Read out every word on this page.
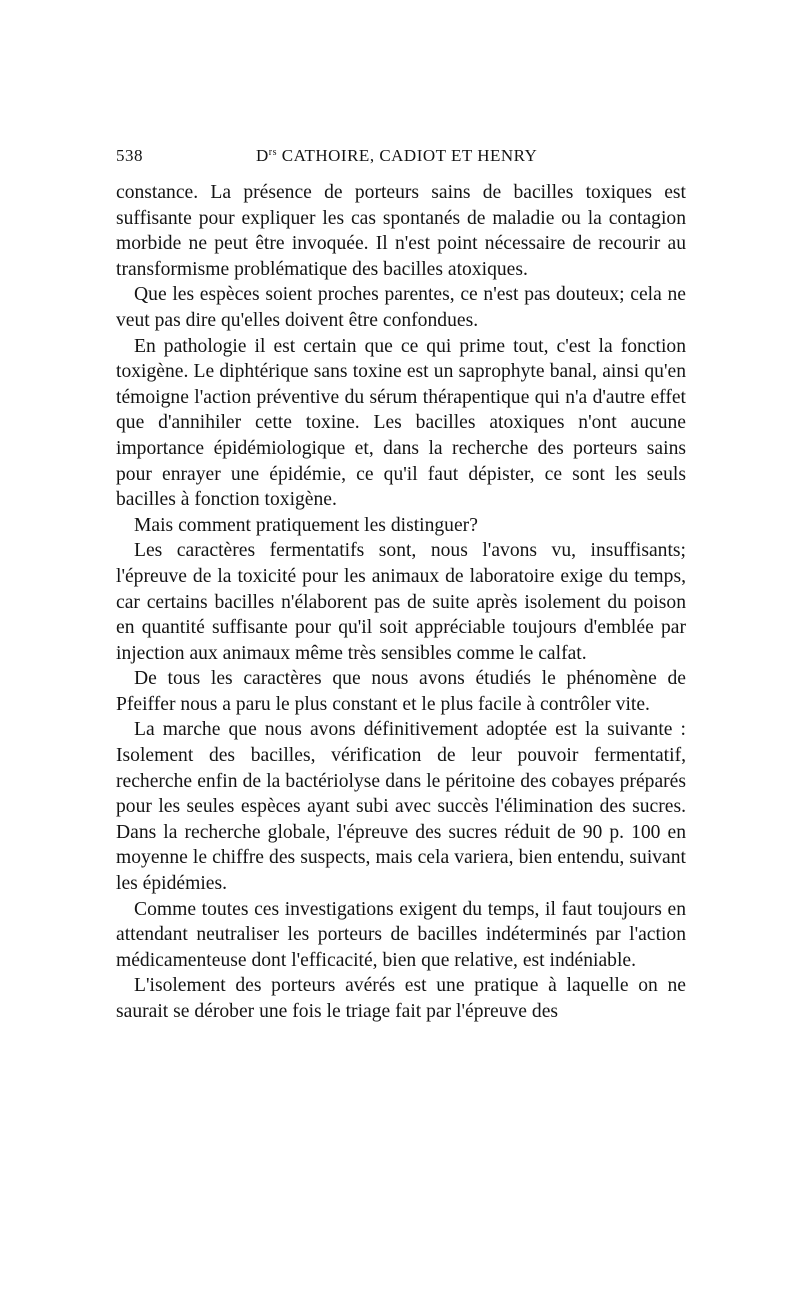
538	$D^{rs}$ CATHOIRE, CADIOT ET HENRY

constance. La présence de porteurs sains de bacilles toxiques est suffisante pour expliquer les cas spontanés de maladie ou la contagion morbide ne peut être invoquée. Il n'est point nécessaire de recourir au transformisme problématique des bacilles atoxiques.

Que les espèces soient proches parentes, ce n'est pas douteux; cela ne veut pas dire qu'elles doivent être confondues.

En pathologie il est certain que ce qui prime tout, c'est la fonction toxigène. Le diphtérique sans toxine est un saprophyte banal, ainsi qu'en témoigne l'action préventive du sérum thérapentique qui n'a d'autre effet que d'annihiler cette toxine. Les bacilles atoxiques n'ont aucune importance épidémiologique et, dans la recherche des porteurs sains pour enrayer une épidémie, ce qu'il faut dépister, ce sont les seuls bacilles à fonction toxigène.

Mais comment pratiquement les distinguer?

Les caractères fermentatifs sont, nous l'avons vu, insuffisants; l'épreuve de la toxicité pour les animaux de laboratoire exige du temps, car certains bacilles n'élaborent pas de suite après isolement du poison en quantité suffisante pour qu'il soit appréciable toujours d'emblée par injection aux animaux même très sensibles comme le calfat.

De tous les caractères que nous avons étudiés le phénomène de Pfeiffer nous a paru le plus constant et le plus facile à contrôler vite.

La marche que nous avons définitivement adoptée est la suivante : Isolement des bacilles, vérification de leur pouvoir fermentatif, recherche enfin de la bactériolyse dans le péritoine des cobayes préparés pour les seules espèces ayant subi avec succès l'élimination des sucres. Dans la recherche globale, l'épreuve des sucres réduit de 90 p. 100 en moyenne le chiffre des suspects, mais cela variera, bien entendu, suivant les épidémies.

Comme toutes ces investigations exigent du temps, il faut toujours en attendant neutraliser les porteurs de bacilles indéterminés par l'action médicamenteuse dont l'efficacité, bien que relative, est indéniable.

L'isolement des porteurs avérés est une pratique à laquelle on ne saurait se dérober une fois le triage fait par l'épreuve des
